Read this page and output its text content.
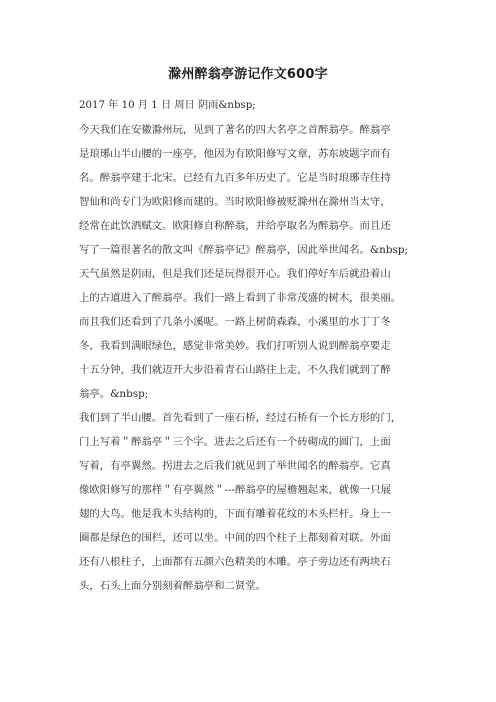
滁州醉翁亭游记作文600字
2017 年 10 月 1 日 周日 阴雨&nbsp;
今天我们在安徽滁州玩，见到了著名的四大名亭之首醉翁亭。醉翁亭
是琅琊山半山腰的一座亭，他因为有欧阳修写文章，苏东坡题字而有
名。醉翁亭建于北宋。已经有九百多年历史了。它是当时琅琊寺住持
智仙和尚专门为欧阳修而建的。当时欧阳修被贬滁州在滁州当太守，
经常在此饮酒赋文。欧阳修自称醉翁，并给亭取名为醉翁亭。而且还
写了一篇很著名的散文叫《醉翁亭记》醉翁亭，因此举世闻名。&nbsp;
天气虽然是阴雨，但是我们还是玩得很开心。我们停好车后就沿着山
上的古道进入了醉翁亭。我们一路上看到了非常茂盛的树木，很美丽。
而且我们还看到了几条小溪呢。一路上树荫森森，小溪里的水丁丁冬
冬，我看到满眼绿色，感觉非常美妙。我们打听别人说到醉翁亭要走
十五分钟，我们就迈开大步沿着青石山路往上走，不久我们就到了醉
翁亭。&nbsp;
我们到了半山腰。首先看到了一座石桥，经过石桥有一个长方形的门，
门上写着＂醉翁亭＂三个字。进去之后还有一个砖砌成的圆门，上面
写着，有亭翼然。拐进去之后我们就见到了举世闻名的醉翁亭。它真
像欧阳修写的那样＂有亭翼然＂---醉翁亭的屋檐翘起来，就像一只展
翅的大鸟。他是我木头结构的，下面有雕着花纹的木头栏杆。身上一
圈都是绿色的围栏，还可以坐。中间的四个柱子上都刻着对联。外面
还有八根柱子，上面都有五颜六色精美的木雕。亭子旁边还有两块石
头，石头上面分别刻着醉翁亭和二贤堂。
